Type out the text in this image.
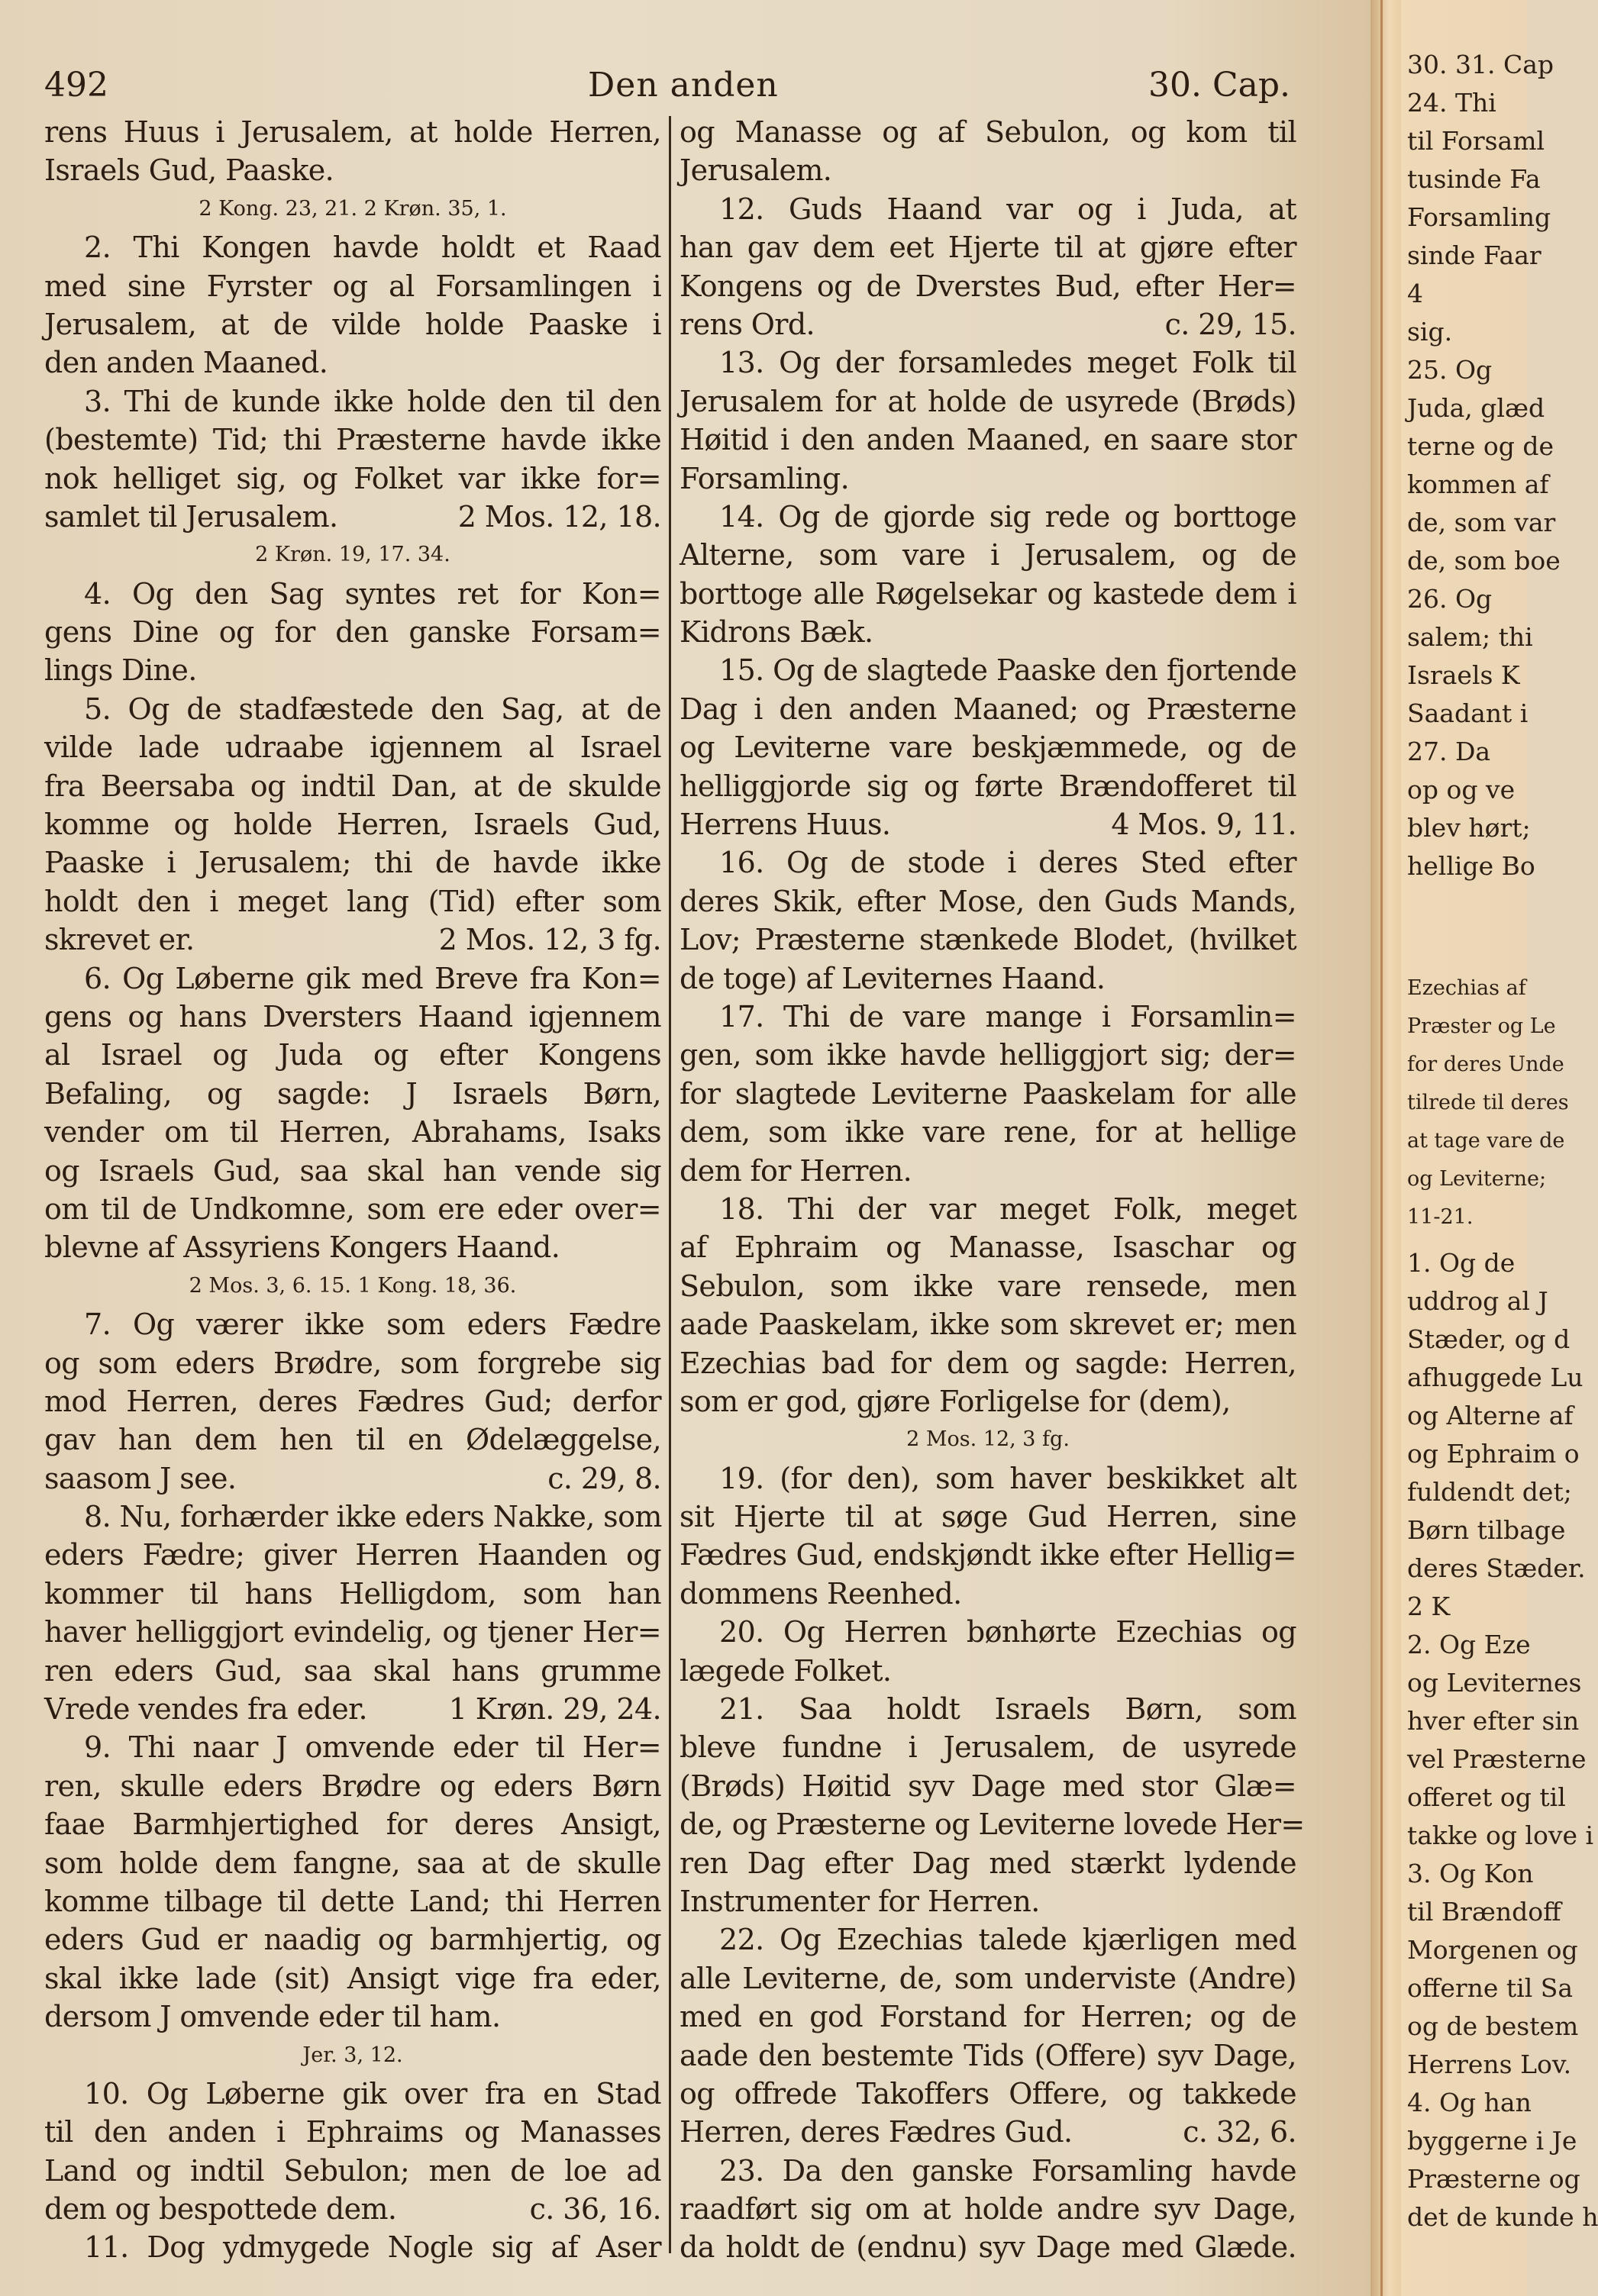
492	Den anden	30. Cap.
rens Huus i Jerusalem, at holde Herren,
Israels Gud, Paaske.
2 Kong. 23, 21. 2 Krøn. 35, 1.
2. Thi Kongen havde holdt et Raad
med sine Fyrster og al Forsamlingen i
Jerusalem, at de vilde holde Paaske i
den anden Maaned.
3. Thi de kunde ikke holde den til den
(bestemte) Tid; thi Præsterne havde ikke
nok helliget sig, og Folket var ikke for=
samlet til Jerusalem.	2 Mos. 12, 18.
2 Krøn. 19, 17. 34.
4. Og den Sag syntes ret for Kon=
gens Dine og for den ganske Forsam=
lings Dine.
5. Og de stadfæstede den Sag, at de
vilde lade udraabe igjennem al Israel
fra Beersaba og indtil Dan, at de skulde
komme og holde Herren, Israels Gud,
Paaske i Jerusalem; thi de havde ikke
holdt den i meget lang (Tid) efter som
skrevet er.	2 Mos. 12, 3 fg.
6. Og Løberne gik med Breve fra Kon=
gens og hans Dversters Haand igjennem
al Israel og Juda og efter Kongens
Befaling, og sagde: J Israels Børn,
vender om til Herren, Abrahams, Isaks
og Israels Gud, saa skal han vende sig
om til de Undkomne, som ere eder over=
blevne af Assyriens Kongers Haand.
2 Mos. 3, 6. 15. 1 Kong. 18, 36.
7. Og værer ikke som eders Fædre
og som eders Brødre, som forgrebe sig
mod Herren, deres Fædres Gud; derfor
gav han dem hen til en Ødelæggelse,
saasom J see.	c. 29, 8.
8. Nu, forhærder ikke eders Nakke, som
eders Fædre; giver Herren Haanden og
kommer til hans Helligdom, som han
haver helliggjort evindelig, og tjener Her=
ren eders Gud, saa skal hans grumme
Vrede vendes fra eder.	1 Krøn. 29, 24.
9. Thi naar J omvende eder til Her=
ren, skulle eders Brødre og eders Børn
faae Barmhjertighed for deres Ansigt,
som holde dem fangne, saa at de skulle
komme tilbage til dette Land; thi Herren
eders Gud er naadig og barmhjertig, og
skal ikke lade (sit) Ansigt vige fra eder,
dersom J omvende eder til ham.
Jer. 3, 12.
10. Og Løberne gik over fra en Stad
til den anden i Ephraims og Manasses
Land og indtil Sebulon; men de loe ad
dem og bespottede dem.	c. 36, 16.
11. Dog ydmygede Nogle sig af Aser
og Manasse og af Sebulon, og kom til
Jerusalem.
12. Guds Haand var og i Juda, at
han gav dem eet Hjerte til at gjøre efter
Kongens og de Dverstes Bud, efter Her=
rens Ord.	c. 29, 15.
13. Og der forsamledes meget Folk til
Jerusalem for at holde de usyrede (Brøds)
Høitid i den anden Maaned, en saare stor
Forsamling.
14. Og de gjorde sig rede og borttoge
Alterne, som vare i Jerusalem, og de
borttoge alle Røgelsekar og kastede dem i
Kidrons Bæk.
15. Og de slagtede Paaske den fjortende
Dag i den anden Maaned; og Præsterne
og Leviterne vare beskjæmmede, og de
helliggjorde sig og førte Brændofferet til
Herrens Huus.	4 Mos. 9, 11.
16. Og de stode i deres Sted efter
deres Skik, efter Mose, den Guds Mands,
Lov; Præsterne stænkede Blodet, (hvilket
de toge) af Leviternes Haand.
17. Thi de vare mange i Forsamlin=
gen, som ikke havde helliggjort sig; der=
for slagtede Leviterne Paaskelam for alle
dem, som ikke vare rene, for at hellige
dem for Herren.
18. Thi der var meget Folk, meget
af Ephraim og Manasse, Isaschar og
Sebulon, som ikke vare rensede, men
aade Paaskelam, ikke som skrevet er; men
Ezechias bad for dem og sagde: Herren,
som er god, gjøre Forligelse for (dem),
2 Mos. 12, 3 fg.
19. (for den), som haver beskikket alt
sit Hjerte til at søge Gud Herren, sine
Fædres Gud, endskjøndt ikke efter Hellig=
dommens Reenhed.
20. Og Herren bønhørte Ezechias og
lægede Folket.
21. Saa holdt Israels Børn, som
bleve fundne i Jerusalem, de usyrede
(Brøds) Høitid syv Dage med stor Glæ=
de, og Præsterne og Leviterne lovede Her=
ren Dag efter Dag med stærkt lydende
Instrumenter for Herren.
22. Og Ezechias talede kjærligen med
alle Leviterne, de, som underviste (Andre)
med en god Forstand for Herren; og de
aade den bestemte Tids (Offere) syv Dage,
og offrede Takoffers Offere, og takkede
Herren, deres Fædres Gud.	c. 32, 6.
23. Da den ganske Forsamling havde
raadført sig om at holde andre syv Dage,
da holdt de (endnu) syv Dage med Glæde.
30. 31. Cap
24. Thi
til Forsaml
tusinde Fa
Forsamling
sinde Faar
4
sig.
25. Og
Juda, glæd
terne og de
kommen af
de, som var
de, som boe
26. Og
salem; thi
Israels K
Saadant i
27. Da
op og ve
blev hørt;
hellige Bo
Ezechias af
Præster og Le
for deres Unde
tilrede til deres
at tage vare de
og Leviterne;
11-21.
1. Og de
uddrog al J
Stæder, og d
afhuggede Lu
og Alterne af
og Ephraim o
fuldendt det;
Børn tilbage
deres Stæder.
2 K
2. Og Eze
og Leviternes
hver efter sin
vel Præsterne
offeret og til
takke og love i
3. Og Kon
til Brændoff
Morgenen og
offerne til Sa
og de bestem
Herrens Lov.
4. Og han
byggerne i Je
Præsterne og
det de kunde h
